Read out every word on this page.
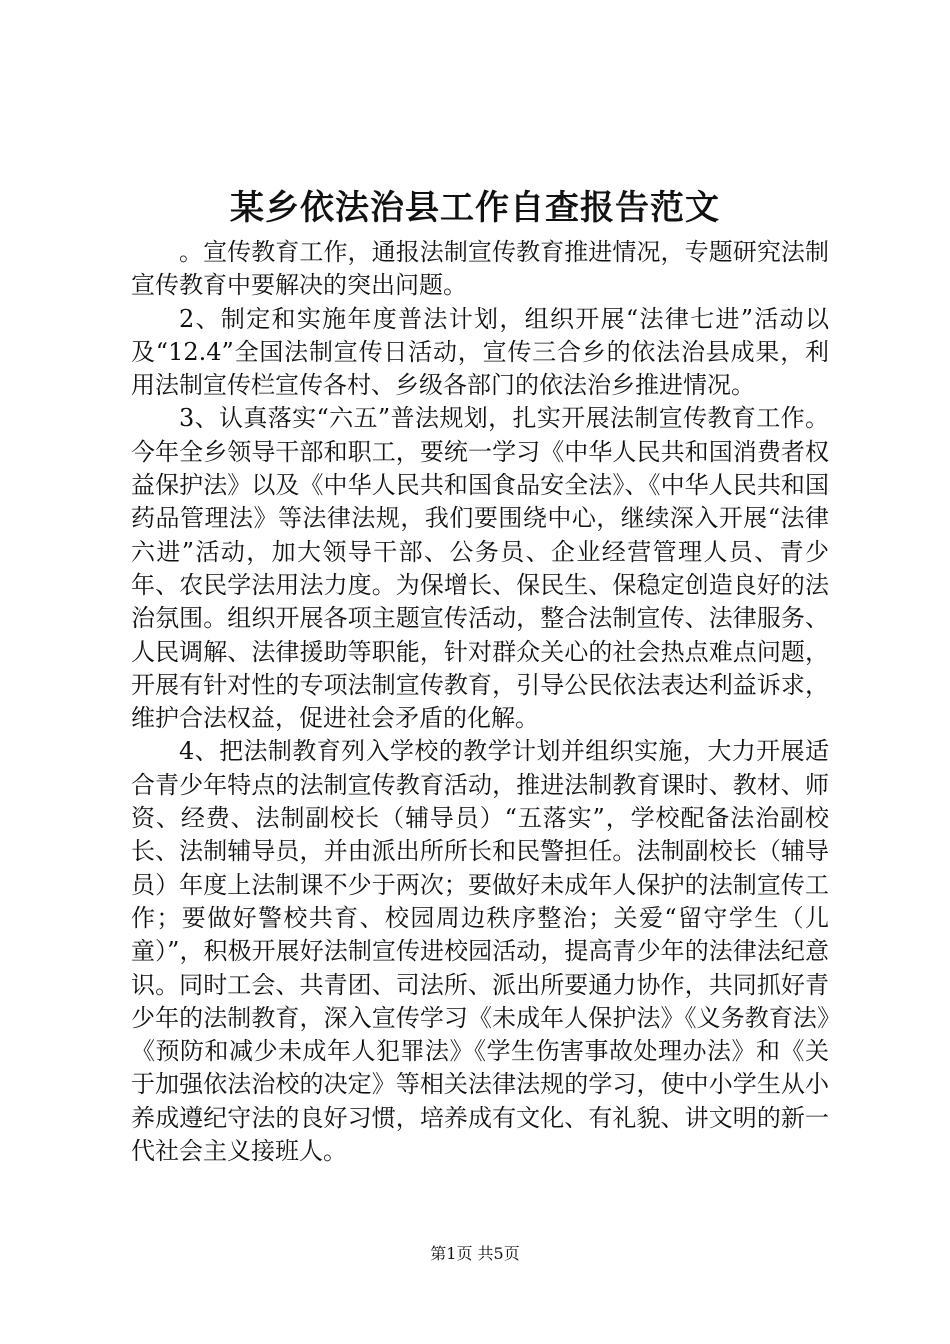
某乡依法治县工作自查报告范文

。宣传教育工作，通报法制宣传教育推进情况，专题研究法制宣传教育中要解决的突出问题。

2、制定和实施年度普法计划，组织开展“法律七进”活动以及“12.4”全国法制宣传日活动，宣传三合乡的依法治县成果，利用法制宣传栏宣传各村、乡级各部门的依法治乡推进情况。

3、认真落实“六五”普法规划，扎实开展法制宣传教育工作。今年全乡领导干部和职工，要统一学习《中华人民共和国消费者权益保护法》以及《中华人民共和国食品安全法》、《中华人民共和国药品管理法》等法律法规，我们要围绕中心，继续深入开展“法律六进”活动，加大领导干部、公务员、企业经营管理人员、青少年、农民学法用法力度。为保增长、保民生、保稳定创造良好的法治氛围。组织开展各项主题宣传活动，整合法制宣传、法律服务、人民调解、法律援助等职能，针对群众关心的社会热点难点问题，开展有针对性的专项法制宣传教育，引导公民依法表达利益诉求，维护合法权益，促进社会矛盾的化解。

4、把法制教育列入学校的教学计划并组织实施，大力开展适合青少年特点的法制宣传教育活动，推进法制教育课时、教材、师资、经费、法制副校长（辅导员）“五落实”，学校配备法治副校长、法制辅导员，并由派出所所长和民警担任。法制副校长（辅导员）年度上法制课不少于两次；要做好未成年人保护的法制宣传工作；要做好警校共育、校园周边秩序整治；关爱“留守学生（儿童）”，积极开展好法制宣传进校园活动，提高青少年的法律法纪意识。同时工会、共青团、司法所、派出所要通力协作，共同抓好青少年的法制教育，深入宣传学习《未成年人保护法》《义务教育法》《预防和减少未成年人犯罪法》《学生伤害事故处理办法》和《关于加强依法治校的决定》等相关法律法规的学习，使中小学生从小养成遵纪守法的良好习惯，培养成有文化、有礼貌、讲文明的新一代社会主义接班人。

第1页 共5页
